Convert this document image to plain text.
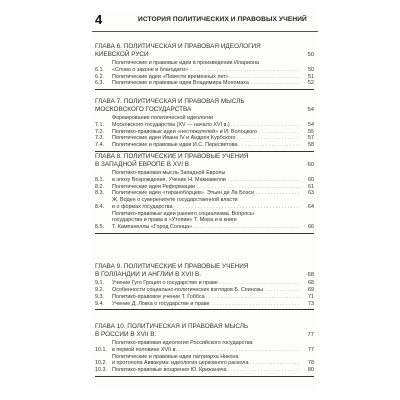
4	ИСТОРИЯ ПОЛИТИЧЕСКИХ И ПРАВОВЫХ УЧЕНИЙ
ГЛАВА 6. ПОЛИТИЧЕСКАЯ И ПРАВОВАЯ ИДЕОЛОГИЯ
КИЕВСКОЙ РУСИ	50
6.1.
Политические и правовые идеи в произведении Илариона
«Слово о законе и благодати» . . .	50
6.2.	Политические идеи «Повести временных лет» . . .	51
6.3.	Политические и правовые идеи Владимира Мономаха . . .	52
ГЛАВА 7. ПОЛИТИЧЕСКАЯ И ПРАВОВАЯ МЫСЛЬ
МОСКОВСКОГО ГОСУДАРСТВА	54
7.1.
Формирование политической идеологии
Московского государства (XV — начало XVI в.) . . .	54
7.2.	Политико-правовые идеи «нестяжателей» и И. Волоцкого . . .	55
7.3.	Политические идеи Ивана IV и Андрея Курбского . . .	57
7.4.	Политические и правовые идеи И.С. Пересветова . . .	58
ГЛАВА 8. ПОЛИТИЧЕСКИЕ И ПРАВОВЫЕ УЧЕНИЯ
В ЗАПАДНОЙ ЕВРОПЕ В XVI В.	60
8.1.
Политико-правовая мысль Западной Европы
в эпоху Возрождения. Учение Н. Макиавелли . . .	60
8.2.	Политические идеи Реформации . . .	61
8.3.	Политические идеи «тираноборцев». Этьен де Ла Боэси . . .	63
8.4.
Ж. Воден о суверенитете государственной власти
и о формах государства . . .	64
8.5.
Политико-правовые идеи раннего социализма. Вопросы
государства и права в «Утопии» Т. Мора и в книге
Т. Кампанеллы «Город Солнца» . . .	66
ГЛАВА 9. ПОЛИТИЧЕСКИЕ И ПРАВОВЫЕ УЧЕНИЯ
В ГОЛЛАНДИИ И АНГЛИИ В XVII В.	68
9.1.	Учение Гуго Гроция о государстве и праве . . .	68
9.2.	Особенности социально-политических взглядов Б. Спинозы . . .	69
9.3.	Политико-правовое учение Т. Гоббса . . .	71
9.4.	Учение Д. Локка о государстве и праве . . .	73
ГЛАВА 10. ПОЛИТИЧЕСКАЯ И ПРАВОВАЯ МЫСЛЬ
В РОССИИ В XVII В.	77
10.1.
Политико-правовая идеология Российского государства
в первой половине XVII в. . . .	77
10.2.
Политические и правовые идеи патриарха Никона
и протопопа Аввакума: идеология церковного раскола . . .	78
10.3. Политико-правовые воззрения Ю. Крижанича . . .	80
